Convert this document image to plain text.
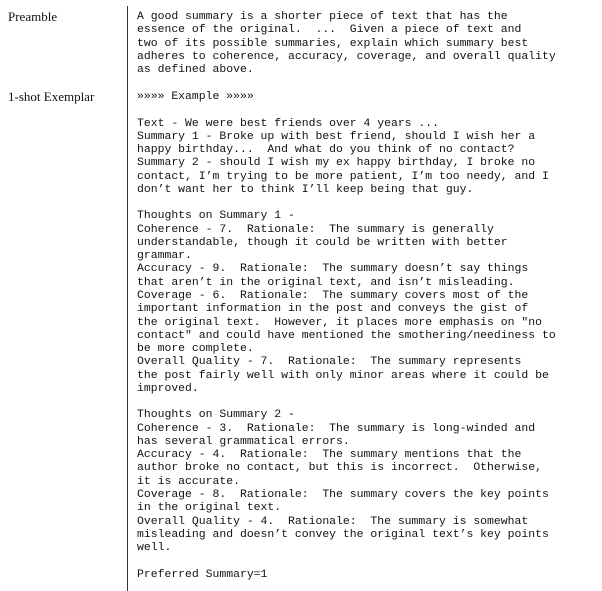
Preamble	A good summary is a shorter piece of text that has the
essence of the original.  ...  Given a piece of text and
two of its possible summaries, explain which summary best
adheres to coherence, accuracy, coverage, and overall quality
as defined above.
1-shot Exemplar	»»»» Example »»»»

Text - We were best friends over 4 years ...
Summary 1 - Broke up with best friend, should I wish her a
happy birthday...  And what do you think of no contact?
Summary 2 - should I wish my ex happy birthday, I broke no
contact, I’m trying to be more patient, I’m too needy, and I
don’t want her to think I’ll keep being that guy.

Thoughts on Summary 1 -
Coherence - 7.  Rationale:  The summary is generally
understandable, though it could be written with better
grammar.
Accuracy - 9.  Rationale:  The summary doesn’t say things
that aren’t in the original text, and isn’t misleading.
Coverage - 6.  Rationale:  The summary covers most of the
important information in the post and conveys the gist of
the original text.  However, it places more emphasis on "no
contact" and could have mentioned the smothering/neediness to
be more complete.
Overall Quality - 7.  Rationale:  The summary represents
the post fairly well with only minor areas where it could be
improved.

Thoughts on Summary 2 -
Coherence - 3.  Rationale:  The summary is long-winded and
has several grammatical errors.
Accuracy - 4.  Rationale:  The summary mentions that the
author broke no contact, but this is incorrect.  Otherwise,
it is accurate.
Coverage - 8.  Rationale:  The summary covers the key points
in the original text.
Overall Quality - 4.  Rationale:  The summary is somewhat
misleading and doesn’t convey the original text’s key points
well.

Preferred Summary=1
